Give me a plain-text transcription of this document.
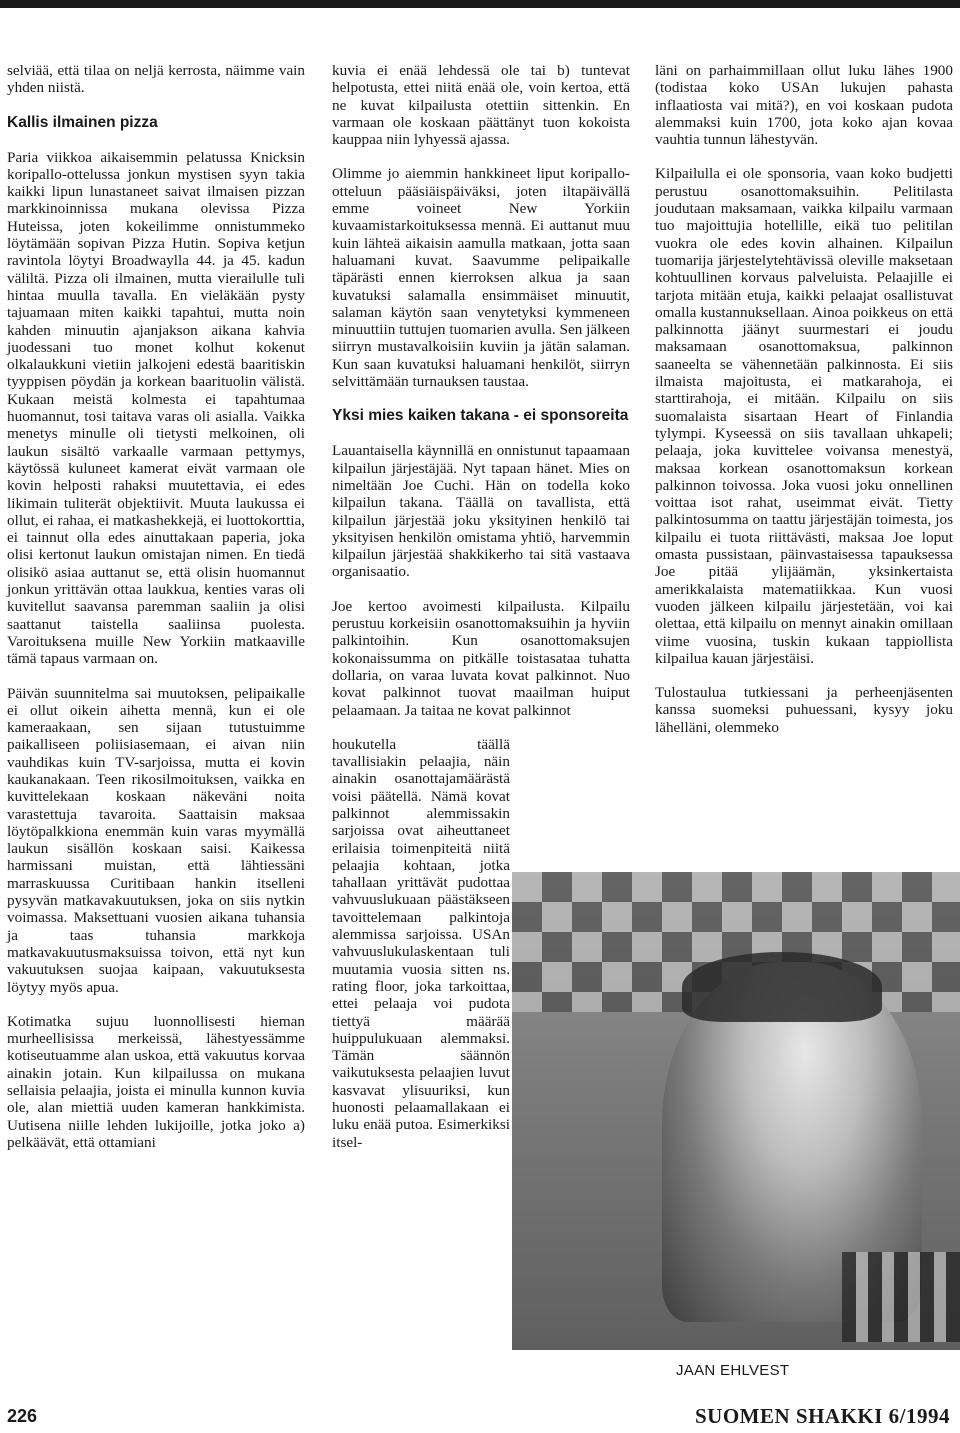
selviää, että tilaa on neljä kerrosta, näimme vain yhden niistä.

Kallis ilmainen pizza

Paria viikkoa aikaisemmin pelatussa Knicksin koripallo-ottelussa jonkun mystisen syyn takia kaikki lipun lunastaneet saivat ilmaisen pizzan markkinoinnissa mukana olevissa Pizza Huteissa, joten kokeilimme onnistummeko löytämään sopivan Pizza Hutin. Sopiva ketjun ravintola löytyi Broadwaylla 44. ja 45. kadun väliltä. Pizza oli ilmainen, mutta vierailulle tuli hintaa muulla tavalla. En vieläkään pysty tajuamaan miten kaikki tapahtui, mutta noin kahden minuutin ajanjakson aikana kahvia juodessani tuo monet kolhut kokenut olkalaukkuni vietiin jalkojeni edestä baaritiskin tyyppisen pöydän ja korkean baarituolin välistä. Kukaan meistä kolmesta ei tapahtumaa huomannut, tosi taitava varas oli asialla. Vaikka menetys minulle oli tietysti melkoinen, oli laukun sisältö varkaalle varmaan pettymys, käytössä kuluneet kamerat eivät varmaan ole kovin helposti rahaksi muutettavia, ei edes likimain tuliterät objektiivit. Muuta laukussa ei ollut, ei rahaa, ei matkashekkejä, ei luottokorttia, ei tainnut olla edes ainuttakaan paperia, joka olisi kertonut laukun omistajan nimen. En tiedä olisikö asiaa auttanut se, että olisin huomannut jonkun yrittävän ottaa laukkua, kenties varas oli kuvitellut saavansa paremman saaliin ja olisi saattanut taistella saaliinsa puolesta. Varoituksena muille New Yorkiin matkaaville tämä tapaus varmaan on.

Päivän suunnitelma sai muutoksen, pelipaikalle ei ollut oikein aihetta mennä, kun ei ole kameraakaan, sen sijaan tutustuimme paikalliseen poliisiasemaan, ei aivan niin vauhdikas kuin TV-sarjoissa, mutta ei kovin kaukanakaan. Teen rikosilmoituksen, vaikka en kuvittelekaan koskaan näkeväni noita varastettuja tavaroita. Saattaisin maksaa löytöpalkkiona enemmän kuin varas myymällä laukun sisällön koskaan saisi. Kaikessa harmissani muistan, että lähtiessäni marraskuussa Curitibaan hankin itselleni pysyvän matkavakuutuksen, joka on siis nytkin voimassa. Maksettuani vuosien aikana tuhansia ja taas tuhansia markkoja matkavakuutusmaksuissa toivon, että nyt kun vakuutuksen suojaa kaipaan, vakuutuksesta löytyy myös apua.

Kotimatka sujuu luonnollisesti hieman murheellisissa merkeissä, lähestyessämme kotiseutuamme alan uskoa, että vakuutus korvaa ainakin jotain. Kun kilpailussa on mukana sellaisia pelaajia, joista ei minulla kunnon kuvia ole, alan miettiä uuden kameran hankkimista. Uutisena niille lehden lukijoille, jotka joko a) pelkäävät, että ottamiani

kuvia ei enää lehdessä ole tai b) tuntevat helpotusta, ettei niitä enää ole, voin kertoa, että ne kuvat kilpailusta otettiin sittenkin. En varmaan ole koskaan päättänyt tuon kokoista kauppaa niin lyhyessä ajassa.

Olimme jo aiemmin hankkineet liput koripallo-otteluun pääsiäispäiväksi, joten iltapäivällä emme voineet New Yorkiin kuvaamistarkoituksessa mennä. Ei auttanut muu kuin lähteä aikaisin aamulla matkaan, jotta saan haluamani kuvat. Saavumme pelipaikalle täpärästi ennen kierroksen alkua ja saan kuvatuksi salamalla ensimmäiset minuutit, salaman käytön saan venytetyksi kymmeneen minuuttiin tuttujen tuomarien avulla. Sen jälkeen siirryn mustavalkoisiin kuviin ja jätän salaman. Kun saan kuvatuksi haluamani henkilöt, siirryn selvittämään turnauksen taustaa.

Yksi mies kaiken takana - ei sponsoreita

Lauantaisella käynnillä en onnistunut tapaamaan kilpailun järjestäjää. Nyt tapaan hänet. Mies on nimeltään Joe Cuchi. Hän on todella koko kilpailun takana. Täällä on tavallista, että kilpailun järjestää joku yksityinen henkilö tai yksityisen henkilön omistama yhtiö, harvemmin kilpailun järjestää shakkikerho tai sitä vastaava organisaatio.

Joe kertoo avoimesti kilpailusta. Kilpailu perustuu korkeisiin osanottomaksuihin ja hyviin palkintoihin. Kun osanottomaksujen kokonaissumma on pitkälle toistasataa tuhatta dollaria, on varaa luvata kovat palkinnot. Nuo kovat palkinnot tuovat maailman huiput pelaamaan. Ja taitaa ne kovat palkinnot

houkutella täällä tavallisiakin pelaajia, näin ainakin osanottajamäärästä voisi päätellä. Nämä kovat palkinnot alemmissakin sarjoissa ovat aiheuttaneet erilaisia toimenpiteitä niitä pelaajia kohtaan, jotka tahallaan yrittävät pudottaa vahvuuslukuaan päästäkseen tavoittelemaan palkintoja alemmissa sarjoissa. USAn vahvuuslukulaskentaan tuli muutamia vuosia sitten ns. rating floor, joka tarkoittaa, ettei pelaaja voi pudota tiettyä määrää huippulukuaan alemmaksi. Tämän säännön vaikutuksesta pelaajien luvut kasvavat ylisuuriksi, kun huonosti pelaamallakaan ei luku enää putoa. Esimerkiksi itsel-

läni on parhaimmillaan ollut luku lähes 1900 (todistaa koko USAn lukujen pahasta inflaatiosta vai mitä?), en voi koskaan pudota alemmaksi kuin 1700, jota koko ajan kovaa vauhtia tunnun lähestyvän.

Kilpailulla ei ole sponsoria, vaan koko budjetti perustuu osanottomaksuihin. Pelitilasta joudutaan maksamaan, vaikka kilpailu varmaan tuo majoittujia hotellille, eikä tuo pelitilan vuokra ole edes kovin alhainen. Kilpailun tuomarija järjestelytehtävissä oleville maksetaan kohtuullinen korvaus palveluista. Pelaajille ei tarjota mitään etuja, kaikki pelaajat osallistuvat omalla kustannuksellaan. Ainoa poikkeus on että palkinnotta jäänyt suurmestari ei joudu maksamaan osanottomaksua, palkinnon saaneelta se vähennetään palkinnosta. Ei siis ilmaista majoitusta, ei matkarahoja, ei starttirahoja, ei mitään. Kilpailu on siis suomalaista sisartaan Heart of Finlandia tylympi. Kyseessä on siis tavallaan uhkapeli; pelaaja, joka kuvittelee voivansa menestyä, maksaa korkean osanottomaksun korkean palkinnon toivossa. Joka vuosi joku onnellinen voittaa isot rahat, useimmat eivät. Tietty palkintosumma on taattu järjestäjän toimesta, jos kilpailu ei tuota riittävästi, maksaa Joe loput omasta pussistaan, päinvastaisessa tapauksessa Joe pitää ylijäämän, yksinkertaista amerikkalaista matematiikkaa. Kun vuosi vuoden jälkeen kilpailu järjestetään, voi kai olettaa, että kilpailu on mennyt ainakin omillaan viime vuosina, tuskin kukaan tappiollista kilpailua kauan järjestäisi.

Tulostaulua tutkiessani ja perheenjäsenten kanssa suomeksi puhuessani, kysyy joku lähelläni, olemmeko

JAAN EHLVEST
226	SUOMEN SHAKKI 6/1994
